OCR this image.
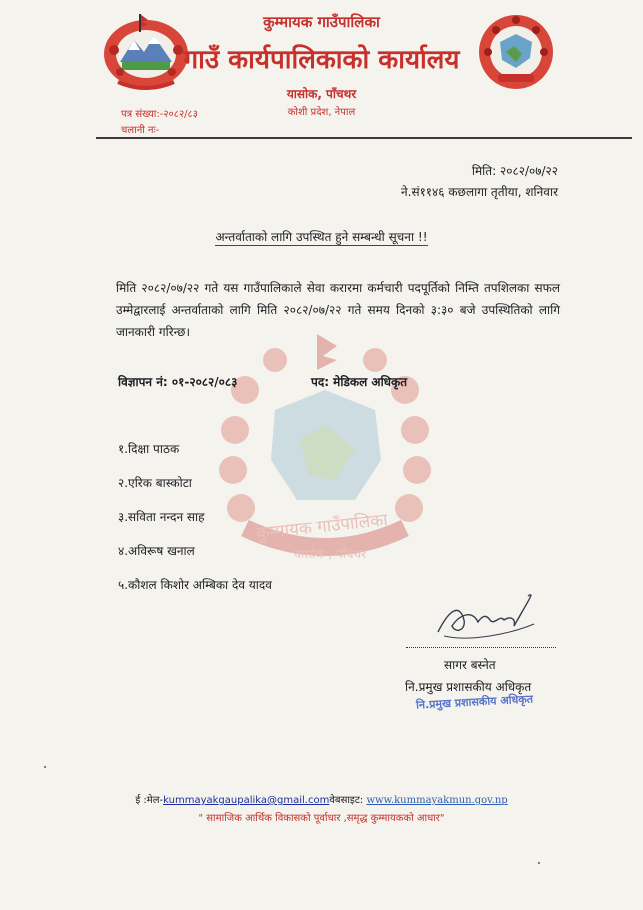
कुम्मायक गाउँपालिका
गाउँ कार्यपालिकाको कार्यालय
यासोक, पाँचथर
कोशी प्रदेश, नेपाल
पत्र संख्या:-२०८२/८३
चलानी नः-
मिति: २०८२/०७/२२
ने.सं११४६ कछलागा तृतीया, शनिवार
अन्तर्वाताको लागि उपस्थित हुने सम्बन्धी सूचना !!
कुम्मायक गाउँपालिका
यासोक , पाँचथर
मिति २०८२/०७/२२ गते यस गाउँपालिकाले सेवा करारमा कर्मचारी पदपूर्तिको निम्ति तपशिलका सफल उम्मेद्वारलाई अन्तर्वाताको लागि मिति २०८२/०७/२२ गते समय दिनको ३:३० बजे उपस्थितिको लागि जानकारी गरिन्छ।
विज्ञापन नं: ०१-२०८२/०८३	पद: मेडिकल अधिकृत
१.दिक्षा पाठक
२.एरिक बास्कोटा
३.सविता नन्दन साह
४.अविरूष खनाल
५.कौशल किशोर अम्बिका देव यादव
सागर बस्नेत
नि.प्रमुख प्रशासकीय अधिकृत
नि.प्रमुख प्रशासकीय अधिकृत
ई :मेल-kummayakgaupalika@gmail.comवेबसाइट: www.kummayakmun.gov.np
" सामाजिक आर्थिक विकासको पूर्वाधार ,समृद्ध कुम्मायकको आधार"
